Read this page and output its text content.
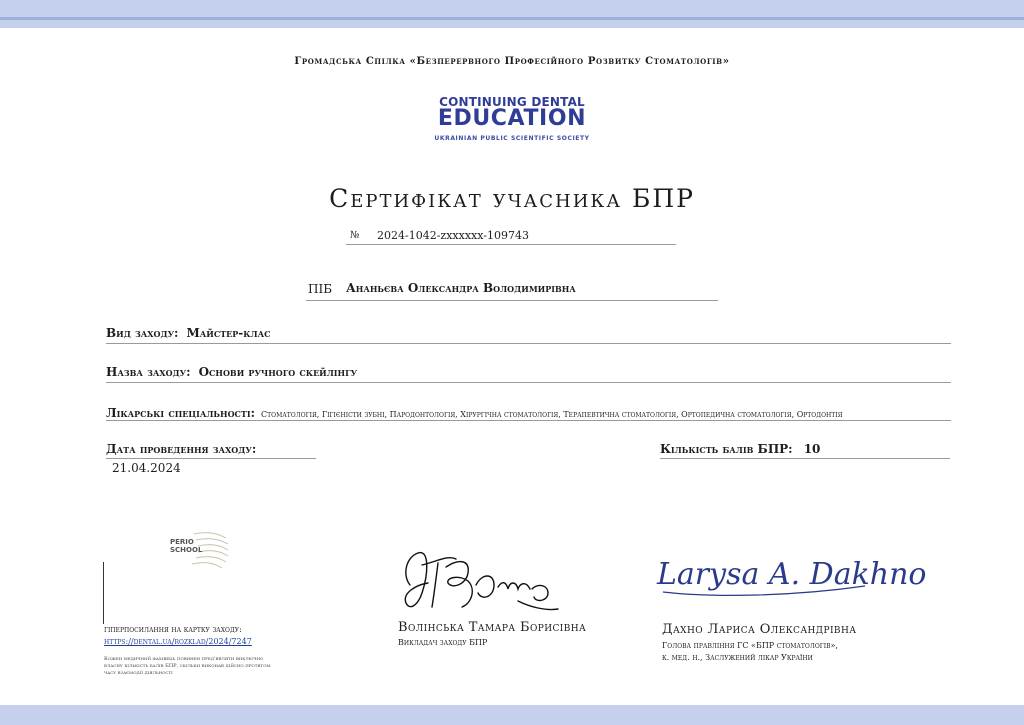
Громадська Спілка «Безперервного Професійного Розвитку Стоматологів»
CONTINUING DENTAL
EDUCATION
UKRAINIAN PUBLIC SCIENTIFIC SOCIETY
Сертифікат учасника БПР
№ 2024-1042-zxxxxxx-109743
ПІБ Ананьєва Олександра Володимирівна
Вид заходу: Майстер-клас
Назва заходу: Основи ручного скейлінгу
Лікарські спеціальності: Стоматологія, Гігієністи зубні, Пародонтологія, Хірургічна стоматологія, Терапевтична стоматологія, Ортопедична стоматологія, Ортодонтія
Дата проведення заходу: 21.04.2024
Кількість балів БПР: 10
PERIO
SCHOOL
гіперпосилання на картку заходу:
https://dental.ua/rozklad/2024/7247
Кожен медичний фахівець повинен пред'являти виключно власну кількість балів БПР, скільки виконав дійсно протягом часу взаємодії діяльності
Волінська Тамара Борисівна
Викладач заходу БПР
Larysa A. Dakhno
Дахно Лариса Олександрівна
Голова правління ГС «БПР стоматологів»,
к. мед. н., Заслужений лікар України
